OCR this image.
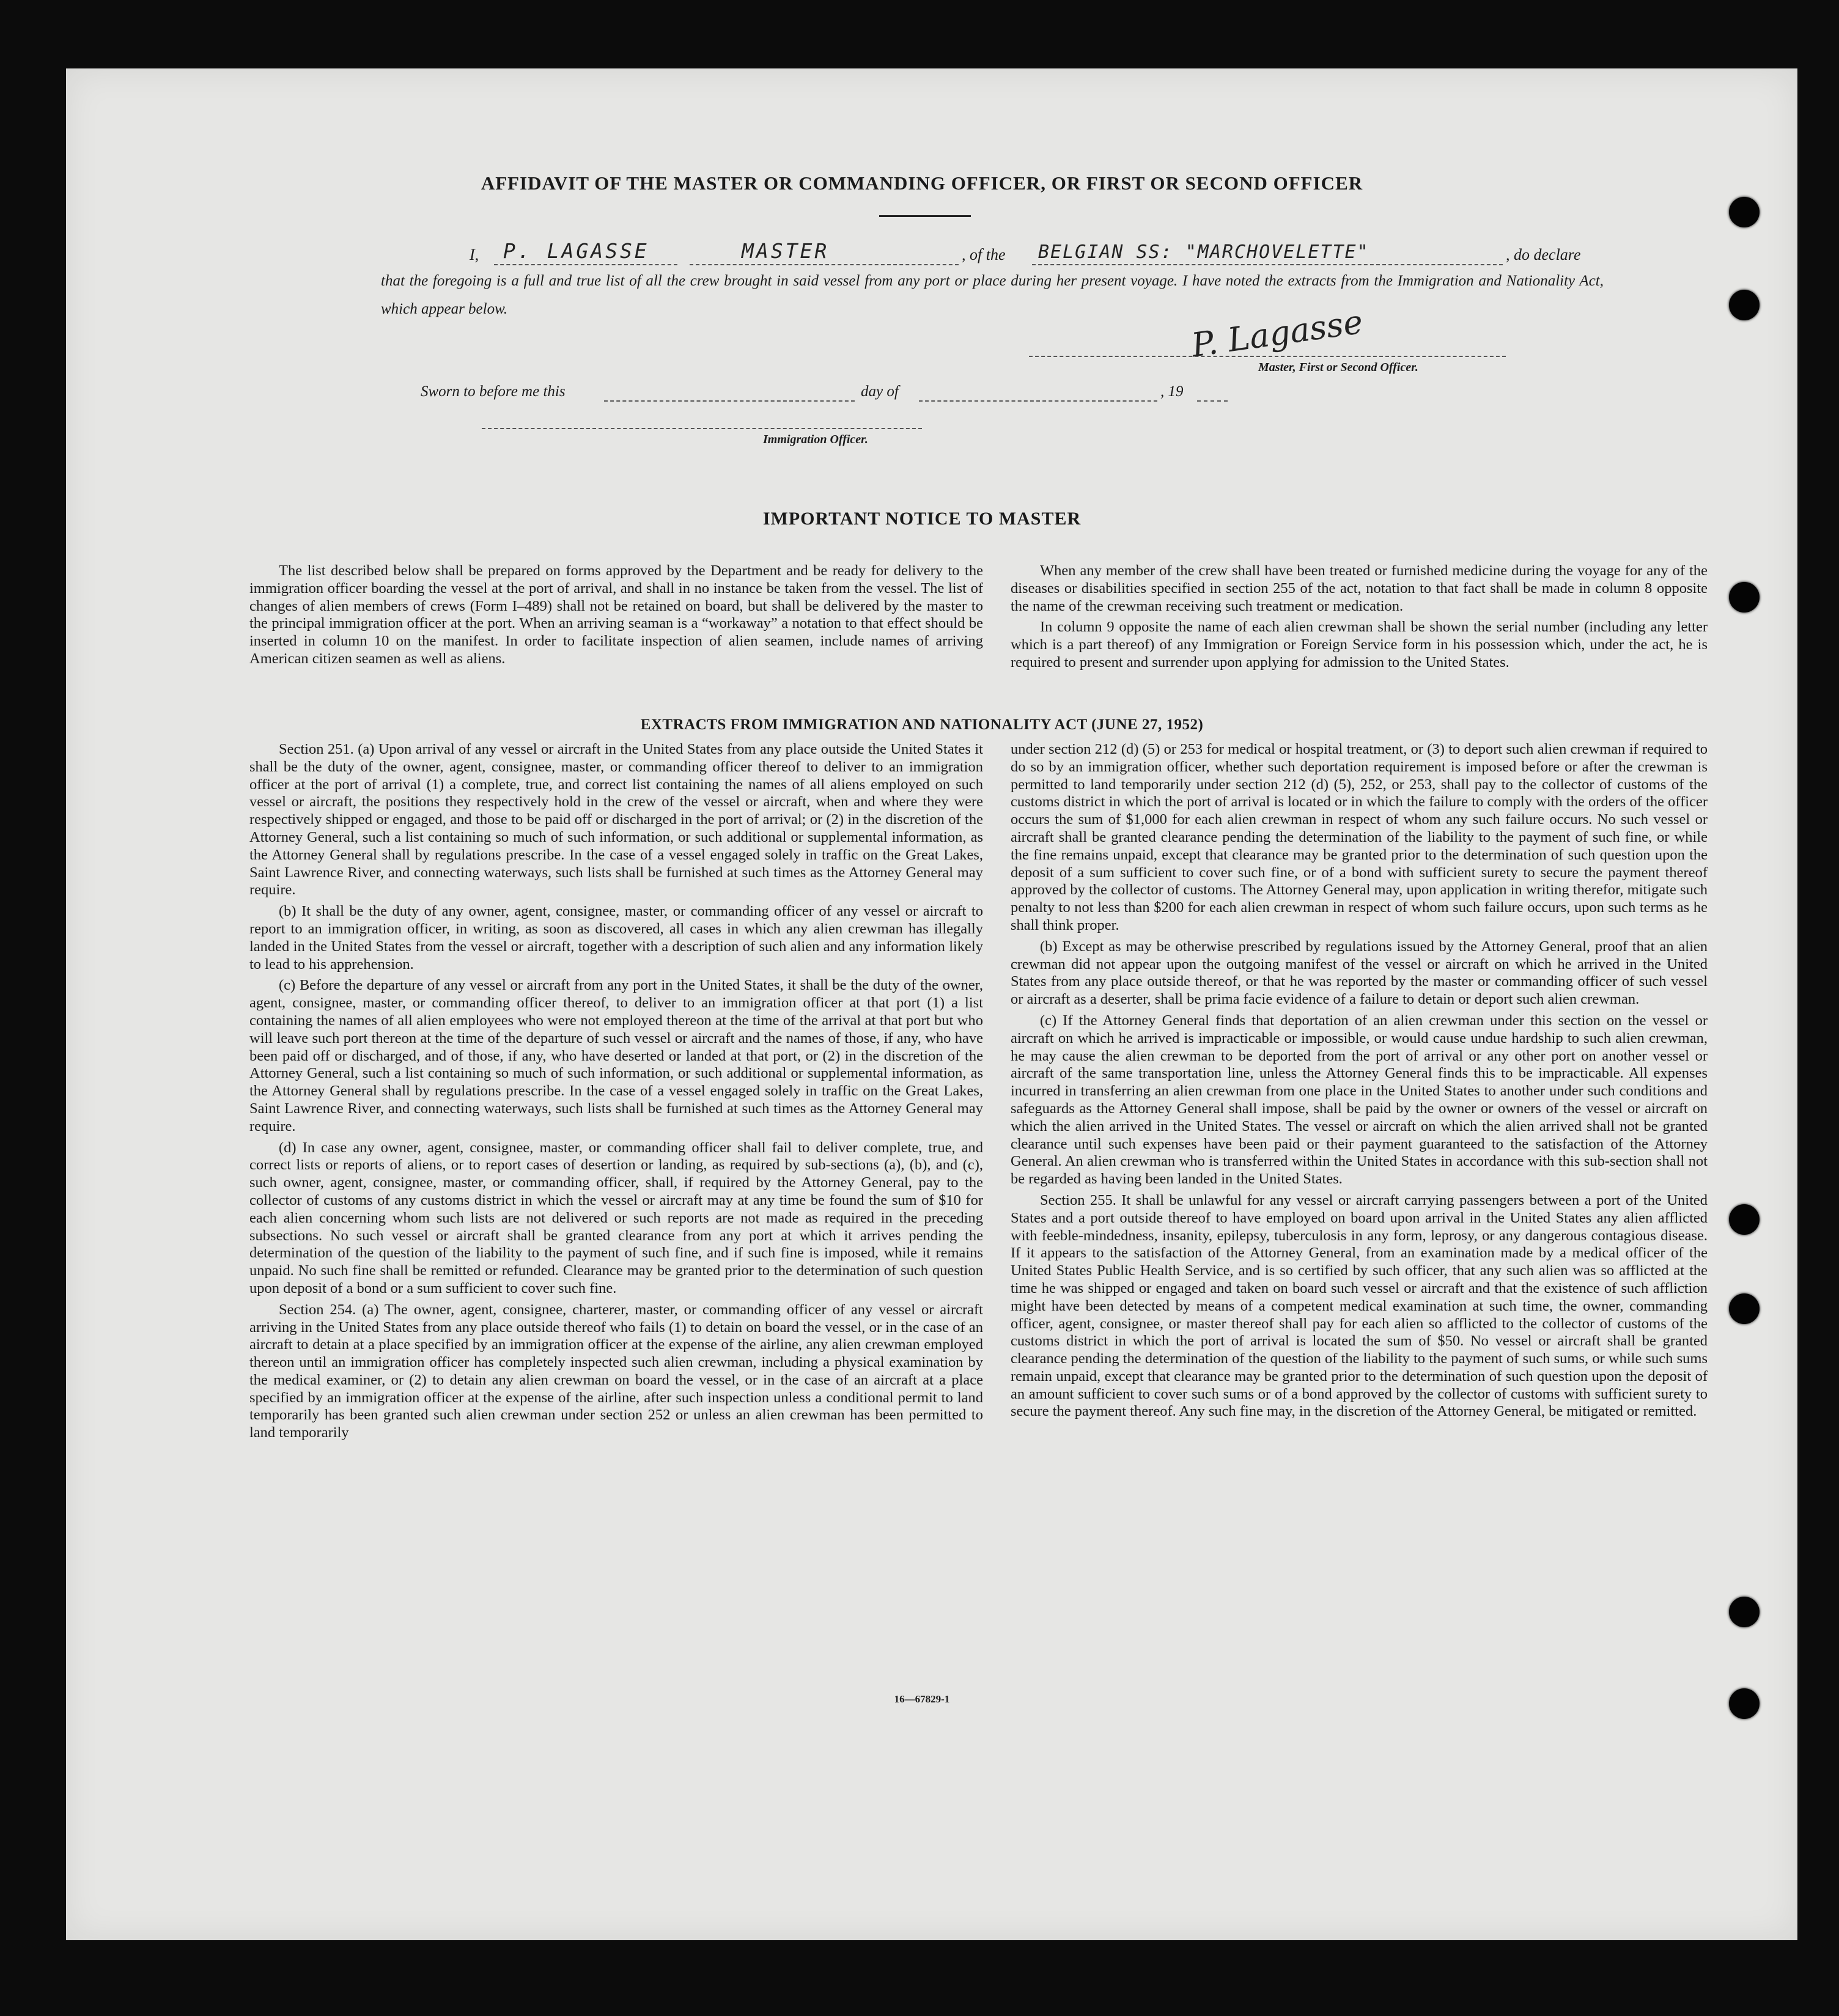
AFFIDAVIT OF THE MASTER OR COMMANDING OFFICER, OR FIRST OR SECOND OFFICER
I, P. LAGASSE	MASTER	, of the BELGIAN SS: "MARCHOVELETTE"	, do declare
that the foregoing is a full and true list of all the crew brought in said vessel from any port or place during her present voyage. I have noted the extracts from the Immigration and Nationality Act, which appear below.	P. Lagasse
Master, First or Second Officer.
Sworn to before me this	day of	, 19
Immigration Officer.
IMPORTANT NOTICE TO MASTER

The list described below shall be prepared on forms approved by the Department and be ready for delivery to the immigration officer boarding the vessel at the port of arrival, and shall in no instance be taken from the vessel. The list of changes of alien members of crews (Form I–489) shall not be retained on board, but shall be delivered by the master to the principal immigration officer at the port. When an arriving seaman is a “workaway” a notation to that effect should be inserted in column 10 on the manifest. In order to facilitate inspection of alien seamen, include names of arriving American citizen seamen as well as aliens.

When any member of the crew shall have been treated or furnished medicine during the voyage for any of the diseases or disabilities specified in section 255 of the act, notation to that fact shall be made in column 8 opposite the name of the crewman receiving such treatment or medication.

In column 9 opposite the name of each alien crewman shall be shown the serial number (including any letter which is a part thereof) of any Immigration or Foreign Service form in his possession which, under the act, he is required to present and surrender upon applying for admission to the United States.

EXTRACTS FROM IMMIGRATION AND NATIONALITY ACT (JUNE 27, 1952)

Section 251. (a) Upon arrival of any vessel or aircraft in the United States from any place outside the United States it shall be the duty of the owner, agent, consignee, master, or commanding officer thereof to deliver to an immigration officer at the port of arrival (1) a complete, true, and correct list containing the names of all aliens employed on such vessel or aircraft, the positions they respectively hold in the crew of the vessel or aircraft, when and where they were respectively shipped or engaged, and those to be paid off or discharged in the port of arrival; or (2) in the discretion of the Attorney General, such a list containing so much of such information, or such additional or supplemental information, as the Attorney General shall by regulations prescribe. In the case of a vessel engaged solely in traffic on the Great Lakes, Saint Lawrence River, and connecting waterways, such lists shall be furnished at such times as the Attorney General may require.

(b) It shall be the duty of any owner, agent, consignee, master, or commanding officer of any vessel or aircraft to report to an immigration officer, in writing, as soon as discovered, all cases in which any alien crewman has illegally landed in the United States from the vessel or aircraft, together with a description of such alien and any information likely to lead to his apprehension.

(c) Before the departure of any vessel or aircraft from any port in the United States, it shall be the duty of the owner, agent, consignee, master, or commanding officer thereof, to deliver to an immigration officer at that port (1) a list containing the names of all alien employees who were not employed thereon at the time of the arrival at that port but who will leave such port thereon at the time of the departure of such vessel or aircraft and the names of those, if any, who have been paid off or discharged, and of those, if any, who have deserted or landed at that port, or (2) in the discretion of the Attorney General, such a list containing so much of such information, or such additional or supplemental information, as the Attorney General shall by regulations prescribe. In the case of a vessel engaged solely in traffic on the Great Lakes, Saint Lawrence River, and connecting waterways, such lists shall be furnished at such times as the Attorney General may require.

(d) In case any owner, agent, consignee, master, or commanding officer shall fail to deliver complete, true, and correct lists or reports of aliens, or to report cases of desertion or landing, as required by sub-sections (a), (b), and (c), such owner, agent, consignee, master, or commanding officer, shall, if required by the Attorney General, pay to the collector of customs of any customs district in which the vessel or aircraft may at any time be found the sum of $10 for each alien concerning whom such lists are not delivered or such reports are not made as required in the preceding subsections. No such vessel or aircraft shall be granted clearance from any port at which it arrives pending the determination of the question of the liability to the payment of such fine, and if such fine is imposed, while it remains unpaid. No such fine shall be remitted or refunded. Clearance may be granted prior to the determination of such question upon deposit of a bond or a sum sufficient to cover such fine.

Section 254. (a) The owner, agent, consignee, charterer, master, or commanding officer of any vessel or aircraft arriving in the United States from any place outside thereof who fails (1) to detain on board the vessel, or in the case of an aircraft to detain at a place specified by an immigration officer at the expense of the airline, any alien crewman employed thereon until an immigration officer has completely inspected such alien crewman, including a physical examination by the medical examiner, or (2) to detain any alien crewman on board the vessel, or in the case of an aircraft at a place specified by an immigration officer at the expense of the airline, after such inspection unless a conditional permit to land temporarily has been granted such alien crewman under section 252 or unless an alien crewman has been permitted to land temporarily

under section 212 (d) (5) or 253 for medical or hospital treatment, or (3) to deport such alien crewman if required to do so by an immigration officer, whether such deportation requirement is imposed before or after the crewman is permitted to land temporarily under section 212 (d) (5), 252, or 253, shall pay to the collector of customs of the customs district in which the port of arrival is located or in which the failure to comply with the orders of the officer occurs the sum of $1,000 for each alien crewman in respect of whom any such failure occurs. No such vessel or aircraft shall be granted clearance pending the determination of the liability to the payment of such fine, or while the fine remains unpaid, except that clearance may be granted prior to the determination of such question upon the deposit of a sum sufficient to cover such fine, or of a bond with sufficient surety to secure the payment thereof approved by the collector of customs. The Attorney General may, upon application in writing therefor, mitigate such penalty to not less than $200 for each alien crewman in respect of whom such failure occurs, upon such terms as he shall think proper.

(b) Except as may be otherwise prescribed by regulations issued by the Attorney General, proof that an alien crewman did not appear upon the outgoing manifest of the vessel or aircraft on which he arrived in the United States from any place outside thereof, or that he was reported by the master or commanding officer of such vessel or aircraft as a deserter, shall be prima facie evidence of a failure to detain or deport such alien crewman.

(c) If the Attorney General finds that deportation of an alien crewman under this section on the vessel or aircraft on which he arrived is impracticable or impossible, or would cause undue hardship to such alien crewman, he may cause the alien crewman to be deported from the port of arrival or any other port on another vessel or aircraft of the same transportation line, unless the Attorney General finds this to be impracticable. All expenses incurred in transferring an alien crewman from one place in the United States to another under such conditions and safeguards as the Attorney General shall impose, shall be paid by the owner or owners of the vessel or aircraft on which the alien arrived in the United States. The vessel or aircraft on which the alien arrived shall not be granted clearance until such expenses have been paid or their payment guaranteed to the satisfaction of the Attorney General. An alien crewman who is transferred within the United States in accordance with this sub-section shall not be regarded as having been landed in the United States.

Section 255. It shall be unlawful for any vessel or aircraft carrying passengers between a port of the United States and a port outside thereof to have employed on board upon arrival in the United States any alien afflicted with feeble-mindedness, insanity, epilepsy, tuberculosis in any form, leprosy, or any dangerous contagious disease. If it appears to the satisfaction of the Attorney General, from an examination made by a medical officer of the United States Public Health Service, and is so certified by such officer, that any such alien was so afflicted at the time he was shipped or engaged and taken on board such vessel or aircraft and that the existence of such affliction might have been detected by means of a competent medical examination at such time, the owner, commanding officer, agent, consignee, or master thereof shall pay for each alien so afflicted to the collector of customs of the customs district in which the port of arrival is located the sum of $50. No vessel or aircraft shall be granted clearance pending the determination of the question of the liability to the payment of such sums, or while such sums remain unpaid, except that clearance may be granted prior to the determination of such question upon the deposit of an amount sufficient to cover such sums or of a bond approved by the collector of customs with sufficient surety to secure the payment thereof. Any such fine may, in the discretion of the Attorney General, be mitigated or remitted.

16—67829-1
